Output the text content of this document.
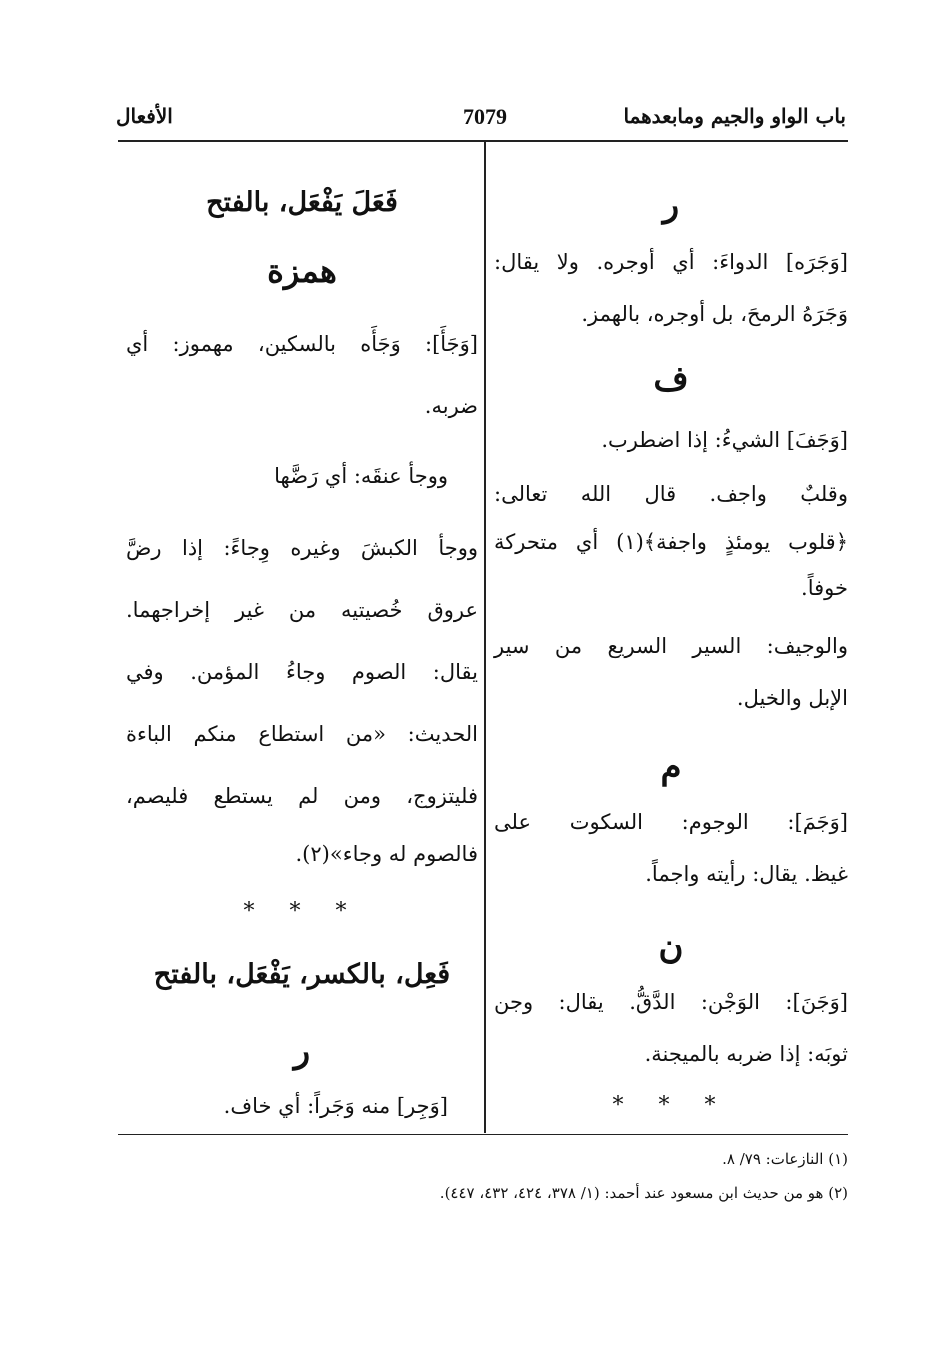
باب الواو والجيم ومابعدهما
7079
الأفعال
ر
[وَجَرَه] الدواءَ: أي أوجره. ولا يقال:
وَجَرَهُ الرمحَ، بل أوجره، بالهمز.
ف
[وَجَفَ] الشيءُ: إذا اضطرب.
وقلبٌ واجف. قال الله تعالى:
﴿قلوب يومئذٍ واجفة﴾(١) أي متحركة
خوفاً.
والوجيف: السير السريع من سير
الإبل والخيل.
م
[وَجَمَ]: الوجوم: السكوت على
غيظ. يقال: رأيته واجماً.
ن
[وَجَنَ]: الوَجْن: الدَّقُّ. يقال: وجن
ثوبَه: إذا ضربه بالميجنة.
* * *
فَعَلَ يَفْعَل، بالفتح
همزة
[وَجَأَ]: وَجَأَه بالسكين، مهموز: أي
ضربه.
ووجأ عنقَه: أي رَضَّها
ووجأ الكبشَ وغيره وِجاءً: إذا رضَّ
عروق خُصيتيه من غير إخراجهما.
يقال: الصوم وجاءُ المؤمن. وفي
الحديث: «من استطاع منكم الباءة
فليتزوج، ومن لم يستطع فليصم،
فالصوم له وجاء»(٢).
* * *
فَعِل، بالكسر، يَفْعَل، بالفتح
ر
[وَجِر] منه وَجَراً: أي خاف.
(١) النازعات: ٧٩/ ٨.
(٢) هو من حديث ابن مسعود عند أحمد: (١/ ٣٧٨، ٤٢٤، ٤٣٢، ٤٤٧).
